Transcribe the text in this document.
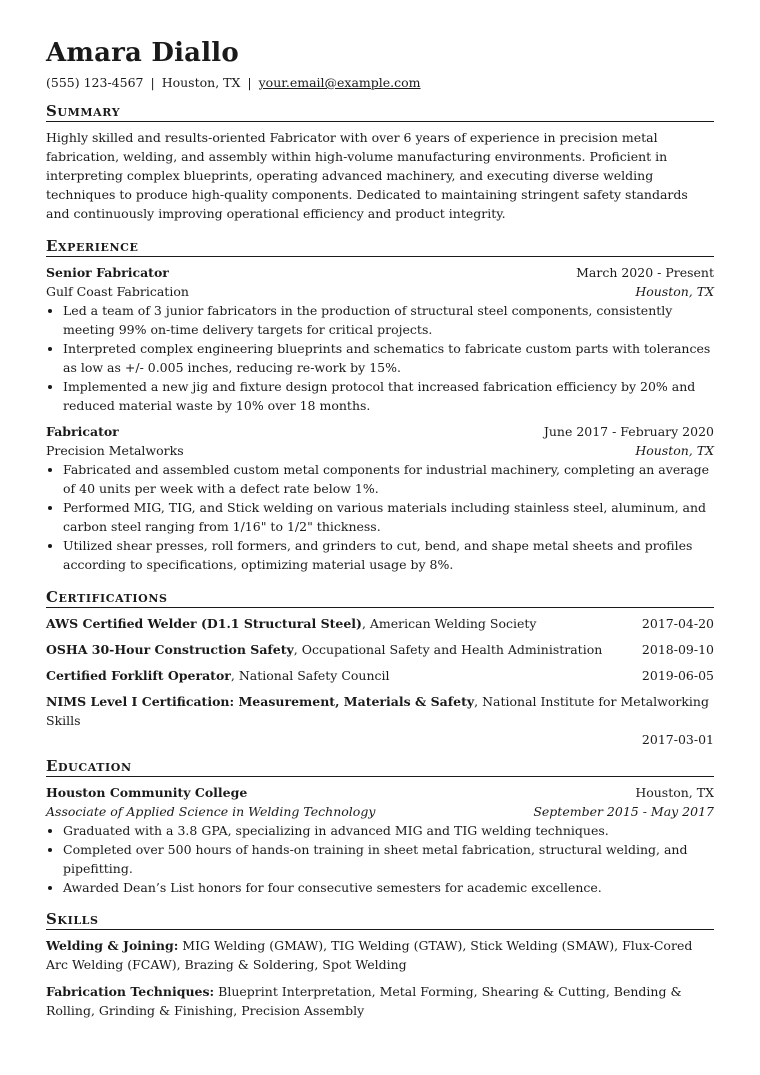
Amara Diallo
(555) 123-4567 | Houston, TX | your.email@example.com
Summary

Highly skilled and results-oriented Fabricator with over 6 years of experience in precision metal fabrication, welding, and assembly within high-volume manufacturing environments. Proficient in interpreting complex blueprints, operating advanced machinery, and executing diverse welding techniques to produce high-quality components. Dedicated to maintaining stringent safety standards and continuously improving operational efficiency and product integrity.

Experience
Senior Fabricator	March 2020 - Present
Gulf Coast Fabrication	Houston, TX
• Led a team of 3 junior fabricators in the production of structural steel components, consistently meeting 99% on-time delivery targets for critical projects.
• Interpreted complex engineering blueprints and schematics to fabricate custom parts with tolerances as low as +/- 0.005 inches, reducing re-work by 15%.
• Implemented a new jig and fixture design protocol that increased fabrication efficiency by 20% and reduced material waste by 10% over 18 months.
Fabricator	June 2017 - February 2020
Precision Metalworks	Houston, TX
• Fabricated and assembled custom metal components for industrial machinery, completing an average of 40 units per week with a defect rate below 1%.
• Performed MIG, TIG, and Stick welding on various materials including stainless steel, aluminum, and carbon steel ranging from 1/16" to 1/2" thickness.
• Utilized shear presses, roll formers, and grinders to cut, bend, and shape metal sheets and profiles according to specifications, optimizing material usage by 8%.
Certifications
AWS Certified Welder (D1.1 Structural Steel), American Welding Society	2017-04-20
OSHA 30-Hour Construction Safety, Occupational Safety and Health Administration	2018-09-10
Certified Forklift Operator, National Safety Council	2019-06-05
NIMS Level I Certification: Measurement, Materials & Safety, National Institute for Metalworking Skills
2017-03-01
Education
Houston Community College	Houston, TX
Associate of Applied Science in Welding Technology	September 2015 - May 2017
• Graduated with a 3.8 GPA, specializing in advanced MIG and TIG welding techniques.
• Completed over 500 hours of hands-on training in sheet metal fabrication, structural welding, and pipefitting.
• Awarded Dean’s List honors for four consecutive semesters for academic excellence.
Skills
Welding & Joining: MIG Welding (GMAW), TIG Welding (GTAW), Stick Welding (SMAW), Flux-Cored Arc Welding (FCAW), Brazing & Soldering, Spot Welding
Fabrication Techniques: Blueprint Interpretation, Metal Forming, Shearing & Cutting, Bending & Rolling, Grinding & Finishing, Precision Assembly
